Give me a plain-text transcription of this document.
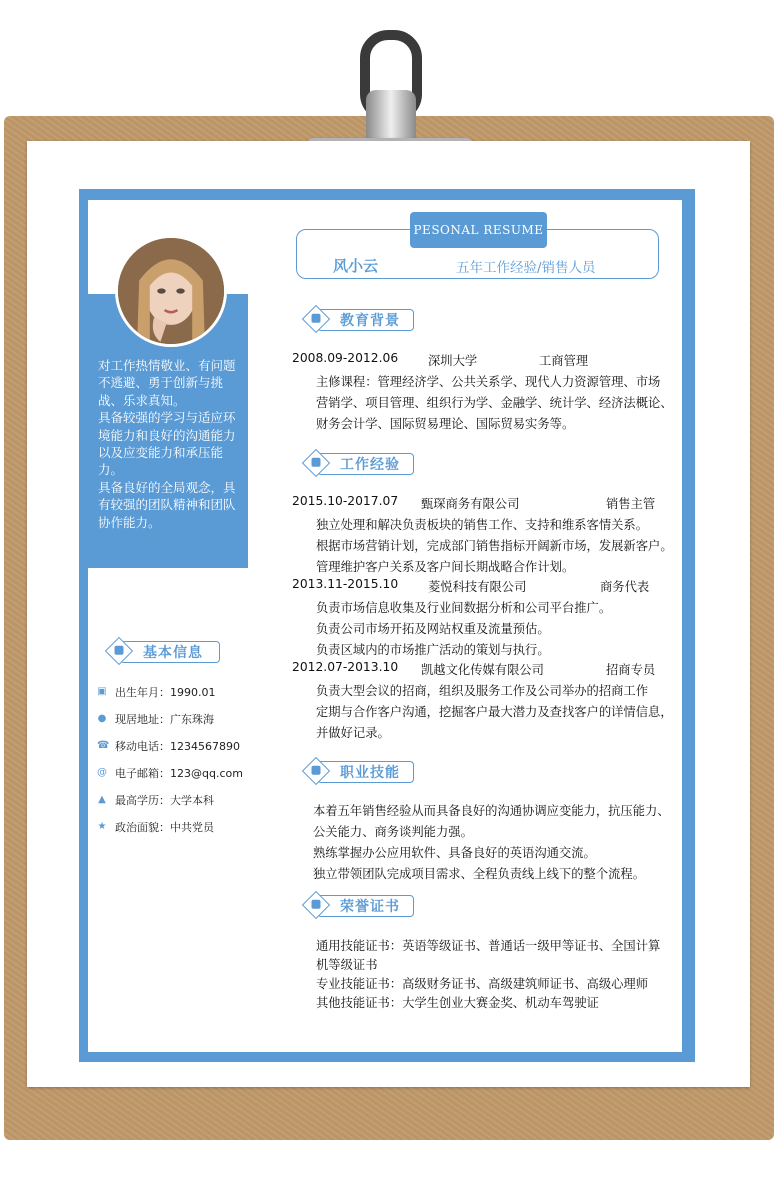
对工作热情敬业、有问题不逃避、勇于创新与挑战、乐求真知。

具备较强的学习与适应环境能力和良好的沟通能力以及应变能力和承压能力。

具备良好的全局观念，具有较强的团队精神和团队协作能力。

基本信息
▣ 出生年月：1990.01
● 现居地址：广东珠海
☎ 移动电话：1234567890
@ 电子邮箱：123@qq.com
▲ 最高学历：大学本科
★ 政治面貌：中共党员
PESONAL RESUME
风小云	五年工作经验/销售人员
教育背景
2008.09-2012.06 深圳大学	工商管理
主修课程：管理经济学、公共关系学、现代人力资源管理、市场
营销学、项目管理、组织行为学、金融学、统计学、经济法概论、
财务会计学、国际贸易理论、国际贸易实务等。
工作经验
2015.10-2017.07 甄琛商务有限公司	销售主管
独立处理和解决负责板块的销售工作、支持和维系客情关系。
根据市场营销计划，完成部门销售指标开阔新市场，发展新客户。
管理维护客户关系及客户间长期战略合作计划。
2013.11-2015.10 菱悦科技有限公司	商务代表
负责市场信息收集及行业间数据分析和公司平台推广。
负责公司市场开拓及网站权重及流量预估。
负责区域内的市场推广活动的策划与执行。
2012.07-2013.10 凯越文化传媒有限公司	招商专员
负责大型会议的招商，组织及服务工作及公司举办的招商工作
定期与合作客户沟通，挖掘客户最大潜力及查找客户的详情信息，
并做好记录。
职业技能
本着五年销售经验从而具备良好的沟通协调应变能力，抗压能力、
公关能力、商务谈判能力强。
熟练掌握办公应用软件、具备良好的英语沟通交流。
独立带领团队完成项目需求、全程负责线上线下的整个流程。
荣誉证书
通用技能证书：英语等级证书、普通话一级甲等证书、全国计算
机等级证书
专业技能证书：高级财务证书、高级建筑师证书、高级心理师
其他技能证书：大学生创业大赛金奖、机动车驾驶证
